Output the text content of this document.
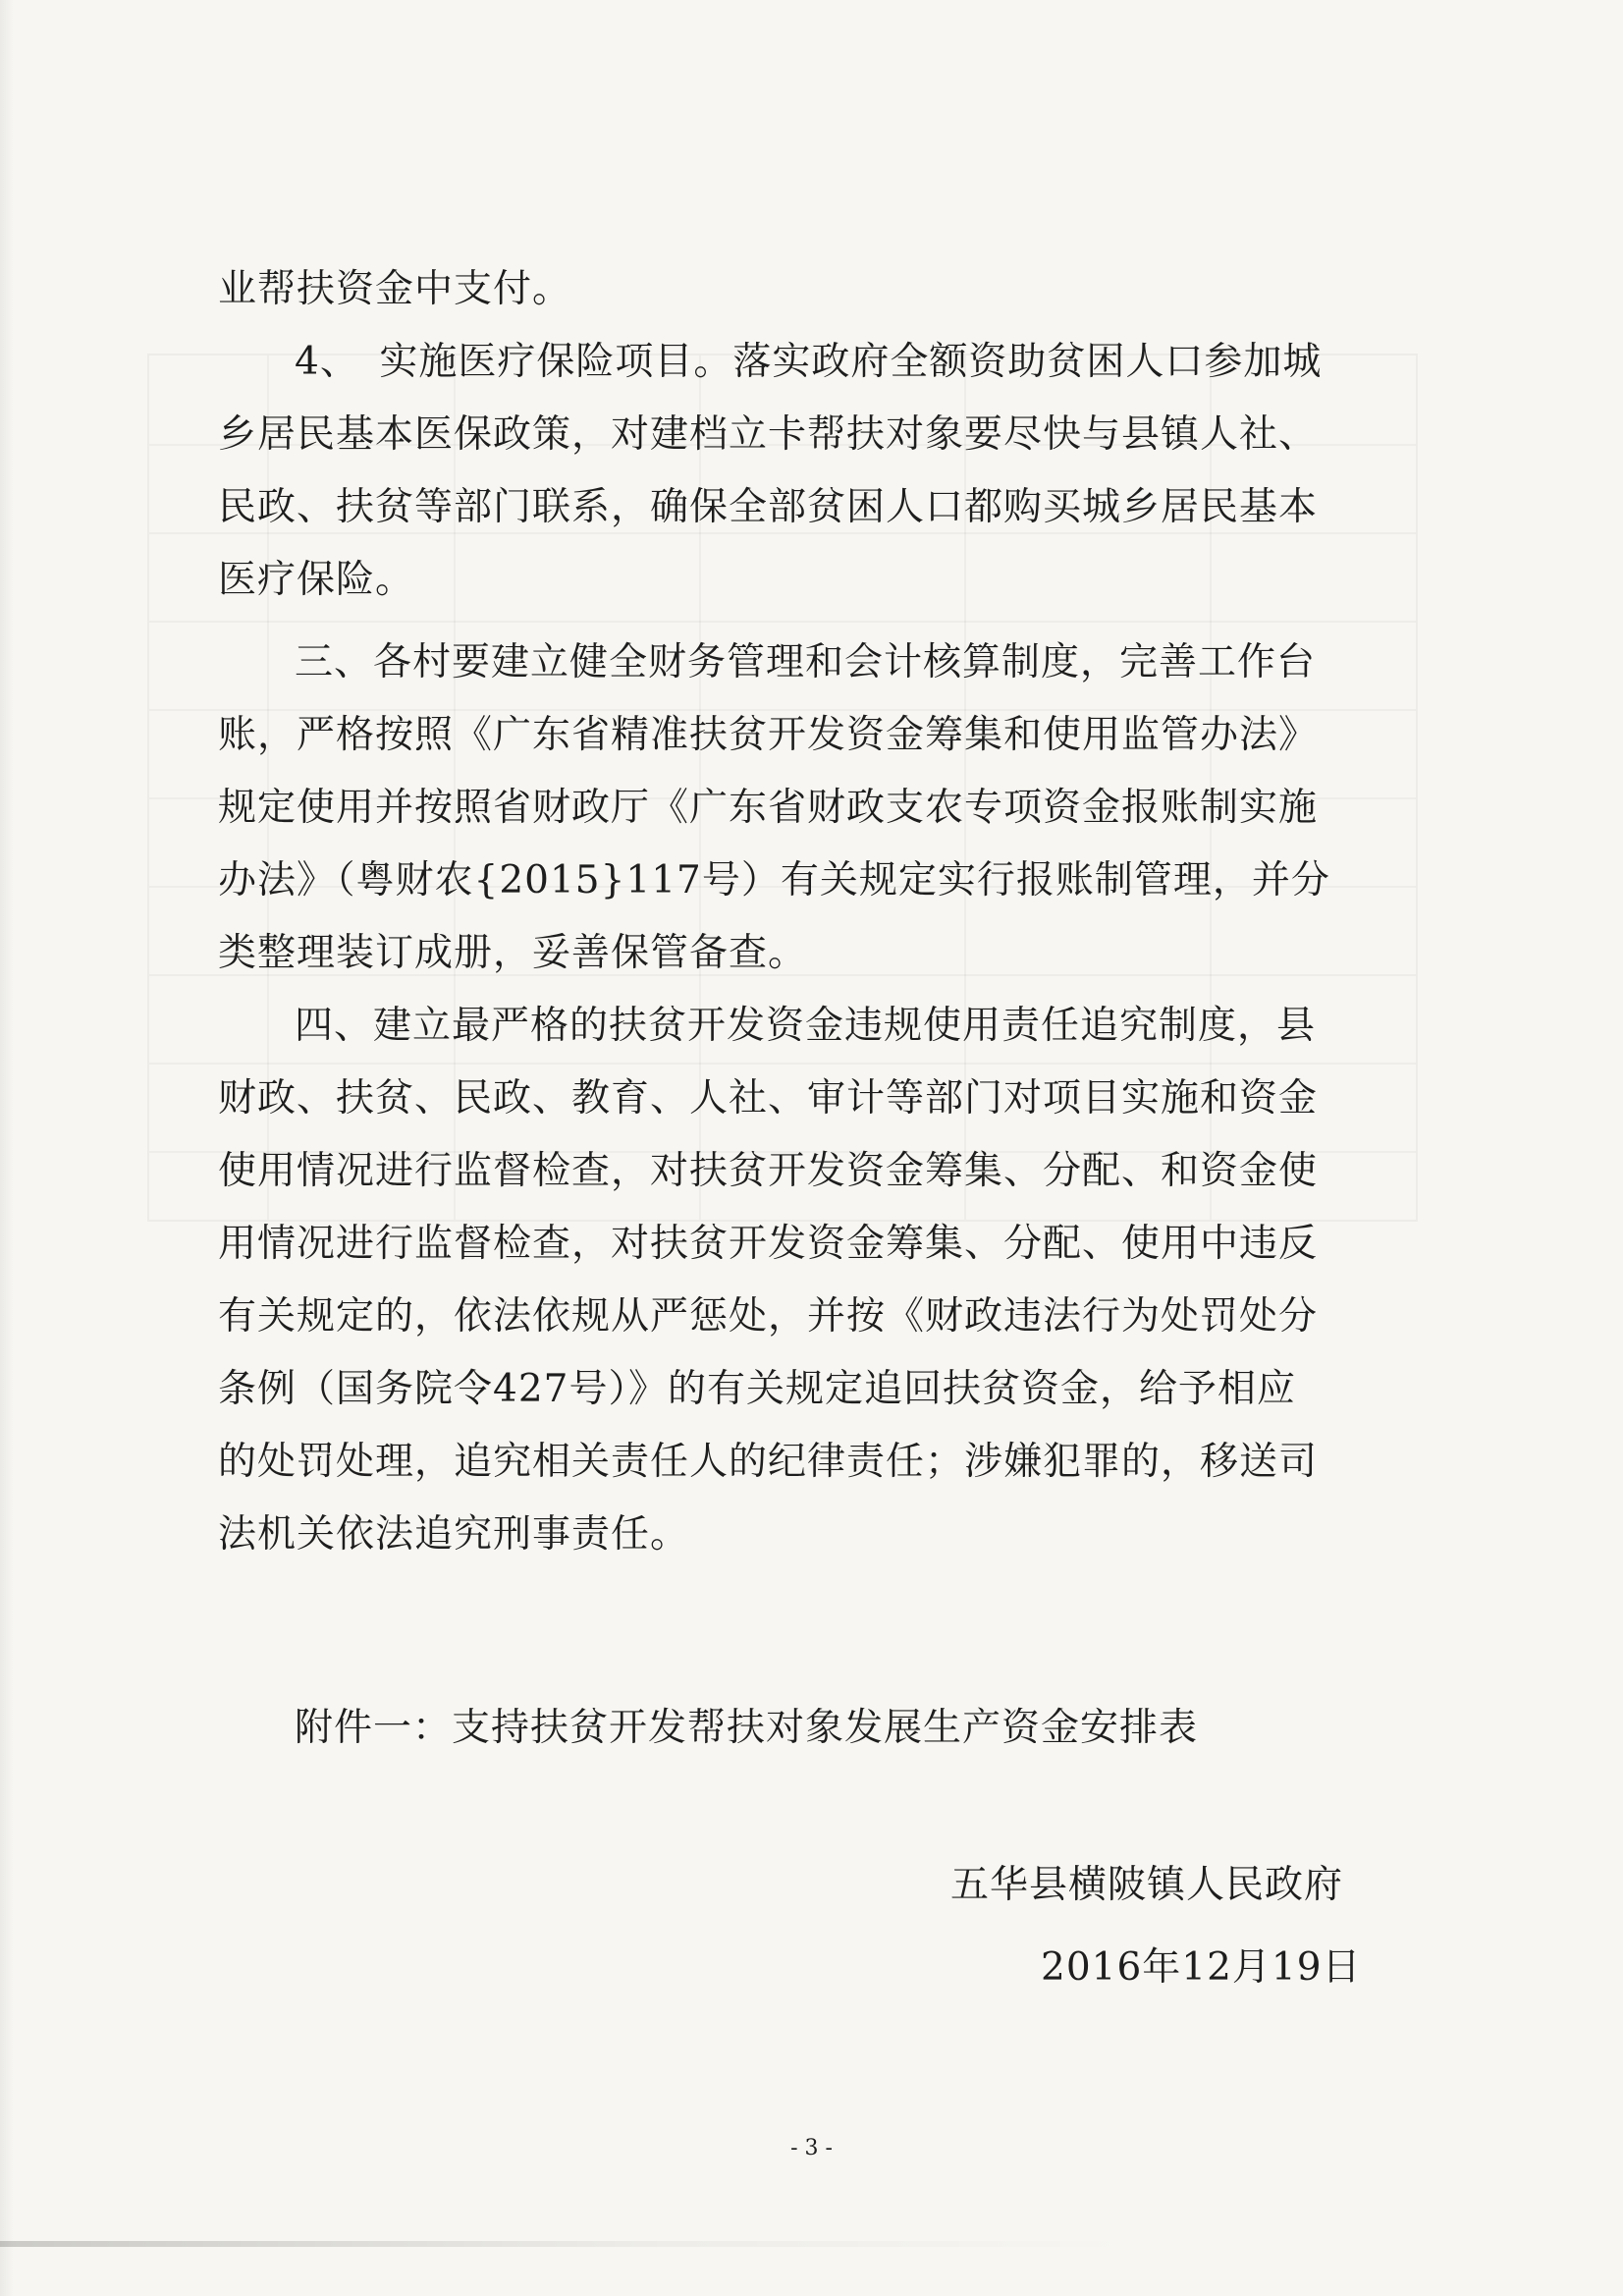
业帮扶资金中支付。
4、　实施医疗保险项目。落实政府全额资助贫困人口参加城
乡居民基本医保政策，对建档立卡帮扶对象要尽快与县镇人社、
民政、扶贫等部门联系，确保全部贫困人口都购买城乡居民基本
医疗保险。
三、各村要建立健全财务管理和会计核算制度，完善工作台
账，严格按照《广东省精准扶贫开发资金筹集和使用监管办法》
规定使用并按照省财政厅《广东省财政支农专项资金报账制实施
办法》（粤财农{2015}117号）有关规定实行报账制管理，并分
类整理装订成册，妥善保管备查。
四、建立最严格的扶贫开发资金违规使用责任追究制度，县
财政、扶贫、民政、教育、人社、审计等部门对项目实施和资金
使用情况进行监督检查，对扶贫开发资金筹集、分配、和资金使
用情况进行监督检查，对扶贫开发资金筹集、分配、使用中违反
有关规定的，依法依规从严惩处，并按《财政违法行为处罚处分
条例（国务院令427号）》的有关规定追回扶贫资金，给予相应
的处罚处理，追究相关责任人的纪律责任；涉嫌犯罪的，移送司
法机关依法追究刑事责任。
附件一：支持扶贫开发帮扶对象发展生产资金安排表
五华县横陂镇人民政府
2016年12月19日
- 3 -
